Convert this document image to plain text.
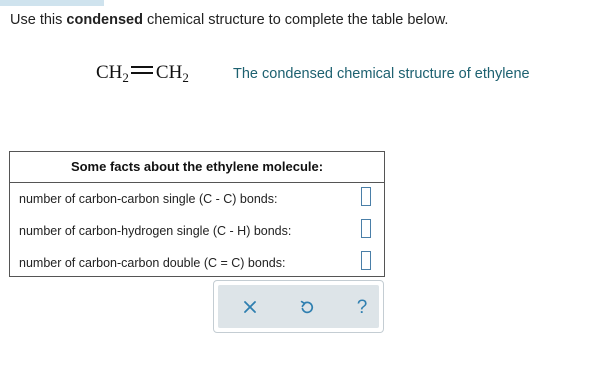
Use this condensed chemical structure to complete the table below.
$CH_2$ $CH_2$	The condensed chemical structure of ethylene
Some facts about the ethylene molecule:
number of carbon-carbon single (C - C) bonds:
number of carbon-hydrogen single (C - H) bonds:
number of carbon-carbon double (C = C) bonds:
?
